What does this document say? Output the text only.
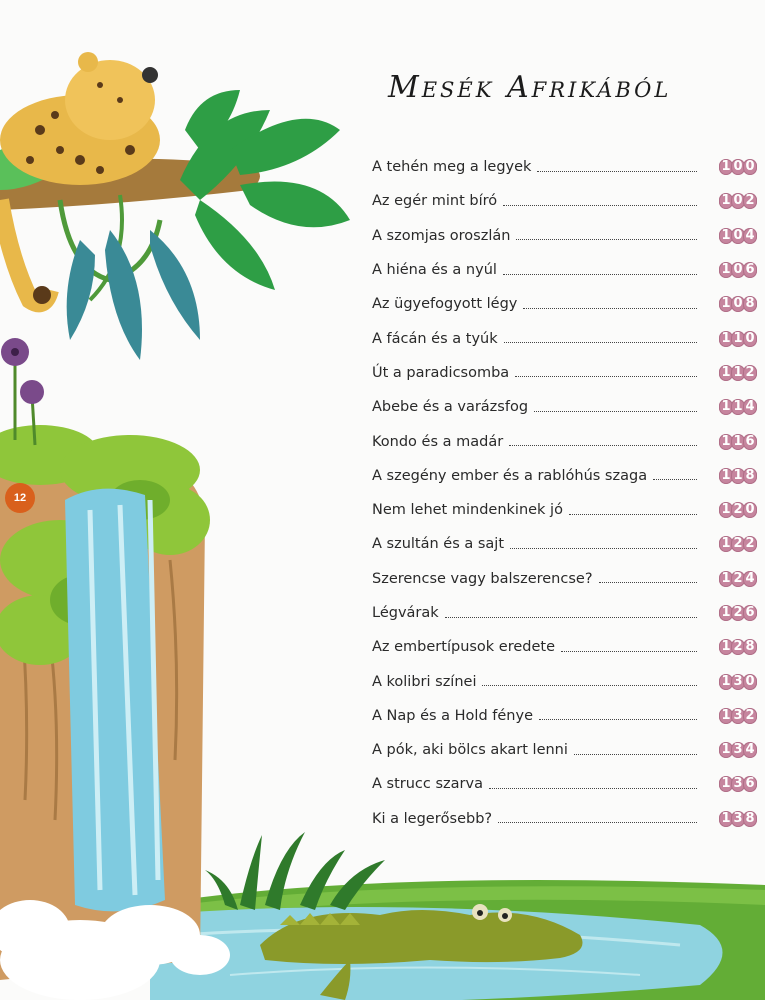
12
Mesék Afrikából
A tehén meg a legyek	1 0 0
Az egér mint bíró	1 0 2
A szomjas oroszlán	1 0 4
A hiéna és a nyúl	1 0 6
Az ügyefogyott légy	1 0 8
A fácán és a tyúk	1 1 0
Út a paradicsomba	1 1 2
Abebe és a varázsfog	1 1 4
Kondo és a madár	1 1 6
A szegény ember és a rablóhús szaga	1 1 8
Nem lehet mindenkinek jó	1 2 0
A szultán és a sajt	1 2 2
Szerencse vagy balszerencse?	1 2 4
Légvárak	1 2 6
Az embertípusok eredete	1 2 8
A kolibri színei	1 3 0
A Nap és a Hold fénye	1 3 2
A pók, aki bölcs akart lenni	1 3 4
A strucc szarva	1 3 6
Ki a legerősebb?	1 3 8
